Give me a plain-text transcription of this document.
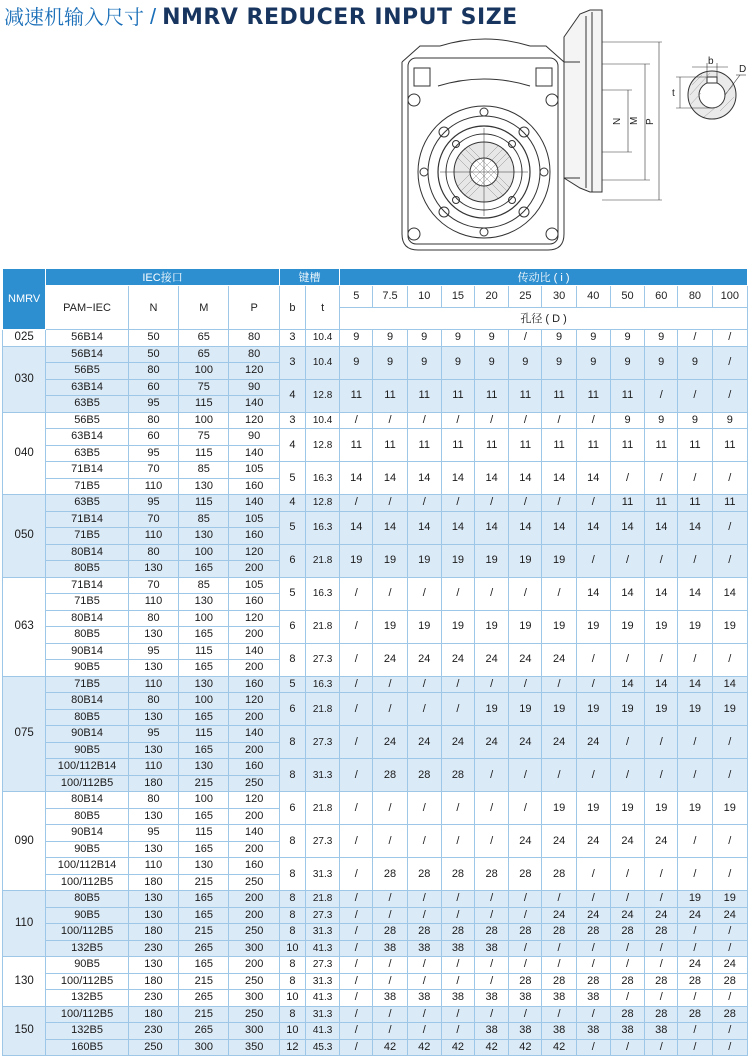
减速机输入尺寸 / NMRV REDUCER INPUT SIZE
N M P
b
t
D
NMRV	IEC接口				键槽		传动比 ( i )											
	PAM−IEC	N	M	P	b	t	5	7.5	10	15	20	25	30	40	50	60	80	100
							孔径 ( D )											

025	56B14	50	65	80	3	10.4	9	9	9	9	9	/	9	9	9	9	/	/
030	56B14	50	65	80	3	10.4	9	9	9	9	9	9	9	9	9	9	9	/
	56B5	80	100	120														
	63B14	60	75	90	4	12.8	11	11	11	11	11	11	11	11	11	/	/	/
	63B5	95	115	140														
040	56B5	80	100	120	3	10.4	/	/	/	/	/	/	/	/	9	9	9	9
	63B14	60	75	90	4	12.8	11	11	11	11	11	11	11	11	11	11	11	11
	63B5	95	115	140														
	71B14	70	85	105	5	16.3	14	14	14	14	14	14	14	14	/	/	/	/
	71B5	110	130	160														
050	63B5	95	115	140	4	12.8	/	/	/	/	/	/	/	/	11	11	11	11
	71B14	70	85	105	5	16.3	14	14	14	14	14	14	14	14	14	14	14	/
	71B5	110	130	160														
	80B14	80	100	120	6	21.8	19	19	19	19	19	19	19	/	/	/	/	/
	80B5	130	165	200														
063	71B14	70	85	105	5	16.3	/	/	/	/	/	/	/	14	14	14	14	14
	71B5	110	130	160														
	80B14	80	100	120	6	21.8	/	19	19	19	19	19	19	19	19	19	19	19
	80B5	130	165	200														
	90B14	95	115	140	8	27.3	/	24	24	24	24	24	24	/	/	/	/	/
	90B5	130	165	200														
075	71B5	110	130	160	5	16.3	/	/	/	/	/	/	/	/	14	14	14	14
	80B14	80	100	120	6	21.8	/	/	/	/	19	19	19	19	19	19	19	19
	80B5	130	165	200														
	90B14	95	115	140	8	27.3	/	24	24	24	24	24	24	24	/	/	/	/
	90B5	130	165	200														
	100/112B14	110	130	160	8	31.3	/	28	28	28	/	/	/	/	/	/	/	/
	100/112B5	180	215	250														
090	80B14	80	100	120	6	21.8	/	/	/	/	/	/	19	19	19	19	19	19
	80B5	130	165	200														
	90B14	95	115	140	8	27.3	/	/	/	/	/	24	24	24	24	24	/	/
	90B5	130	165	200														
	100/112B14	110	130	160	8	31.3	/	28	28	28	28	28	28	/	/	/	/	/
	100/112B5	180	215	250														
110	80B5	130	165	200	8	21.8	/	/	/	/	/	/	/	/	/	/	19	19
	90B5	130	165	200	8	27.3	/	/	/	/	/	/	24	24	24	24	24	24
	100/112B5	180	215	250	8	31.3	/	28	28	28	28	28	28	28	28	28	/	/
	132B5	230	265	300	10	41.3	/	38	38	38	38	/	/	/	/	/	/	/
130	90B5	130	165	200	8	27.3	/	/	/	/	/	/	/	/	/	/	24	24
	100/112B5	180	215	250	8	31.3	/	/	/	/	/	28	28	28	28	28	28	28
	132B5	230	265	300	10	41.3	/	38	38	38	38	38	38	38	/	/	/	/
150	100/112B5	180	215	250	8	31.3	/	/	/	/	/	/	/	/	28	28	28	28
	132B5	230	265	300	10	41.3	/	/	/	/	38	38	38	38	38	38	/	/
	160B5	250	300	350	12	45.3	/	42	42	42	42	42	42	/	/	/	/	/
